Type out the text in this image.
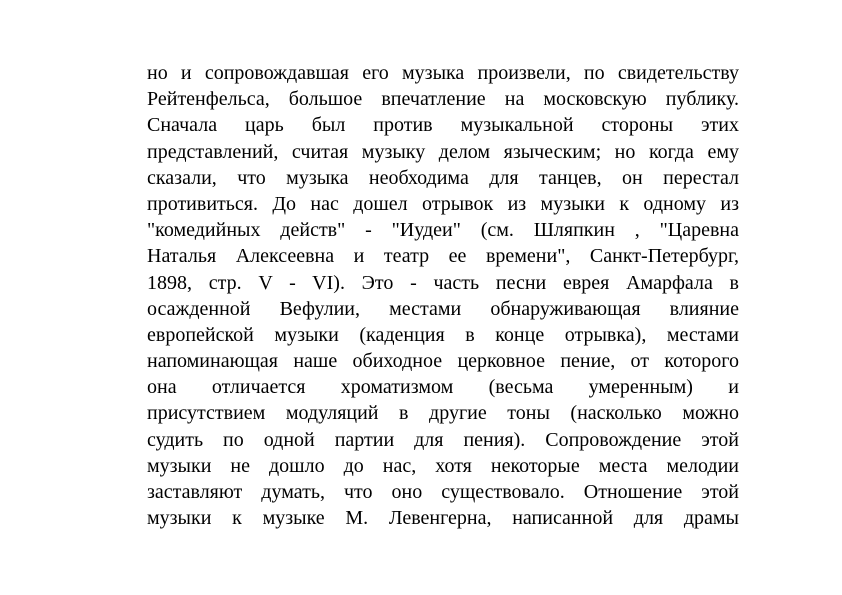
но и сопровождавшая его музыка произвели, по свидетельству
Рейтенфельса, большое впечатление на московскую публику.
Сначала царь был против музыкальной стороны этих
представлений, считая музыку делом языческим; но когда ему
сказали, что музыка необходима для танцев, он перестал
противиться. До нас дошел отрывок из музыки к одному из
"комедийных действ" - "Иудеи" (см. Шляпкин , "Царевна
Наталья Алексеевна и театр ее времени", Санкт-Петербург,
1898, стр. V - VI). Это - часть песни еврея Амарфала в
осажденной Вефулии, местами обнаруживающая влияние
европейской музыки (каденция в конце отрывка), местами
напоминающая наше обиходное церковное пение, от которого
она отличается хроматизмом (весьма умеренным) и
присутствием модуляций в другие тоны (насколько можно
судить по одной партии для пения). Сопровождение этой
музыки не дошло до нас, хотя некоторые места мелодии
заставляют думать, что оно существовало. Отношение этой
музыки к музыке М. Левенгерна, написанной для драмы
